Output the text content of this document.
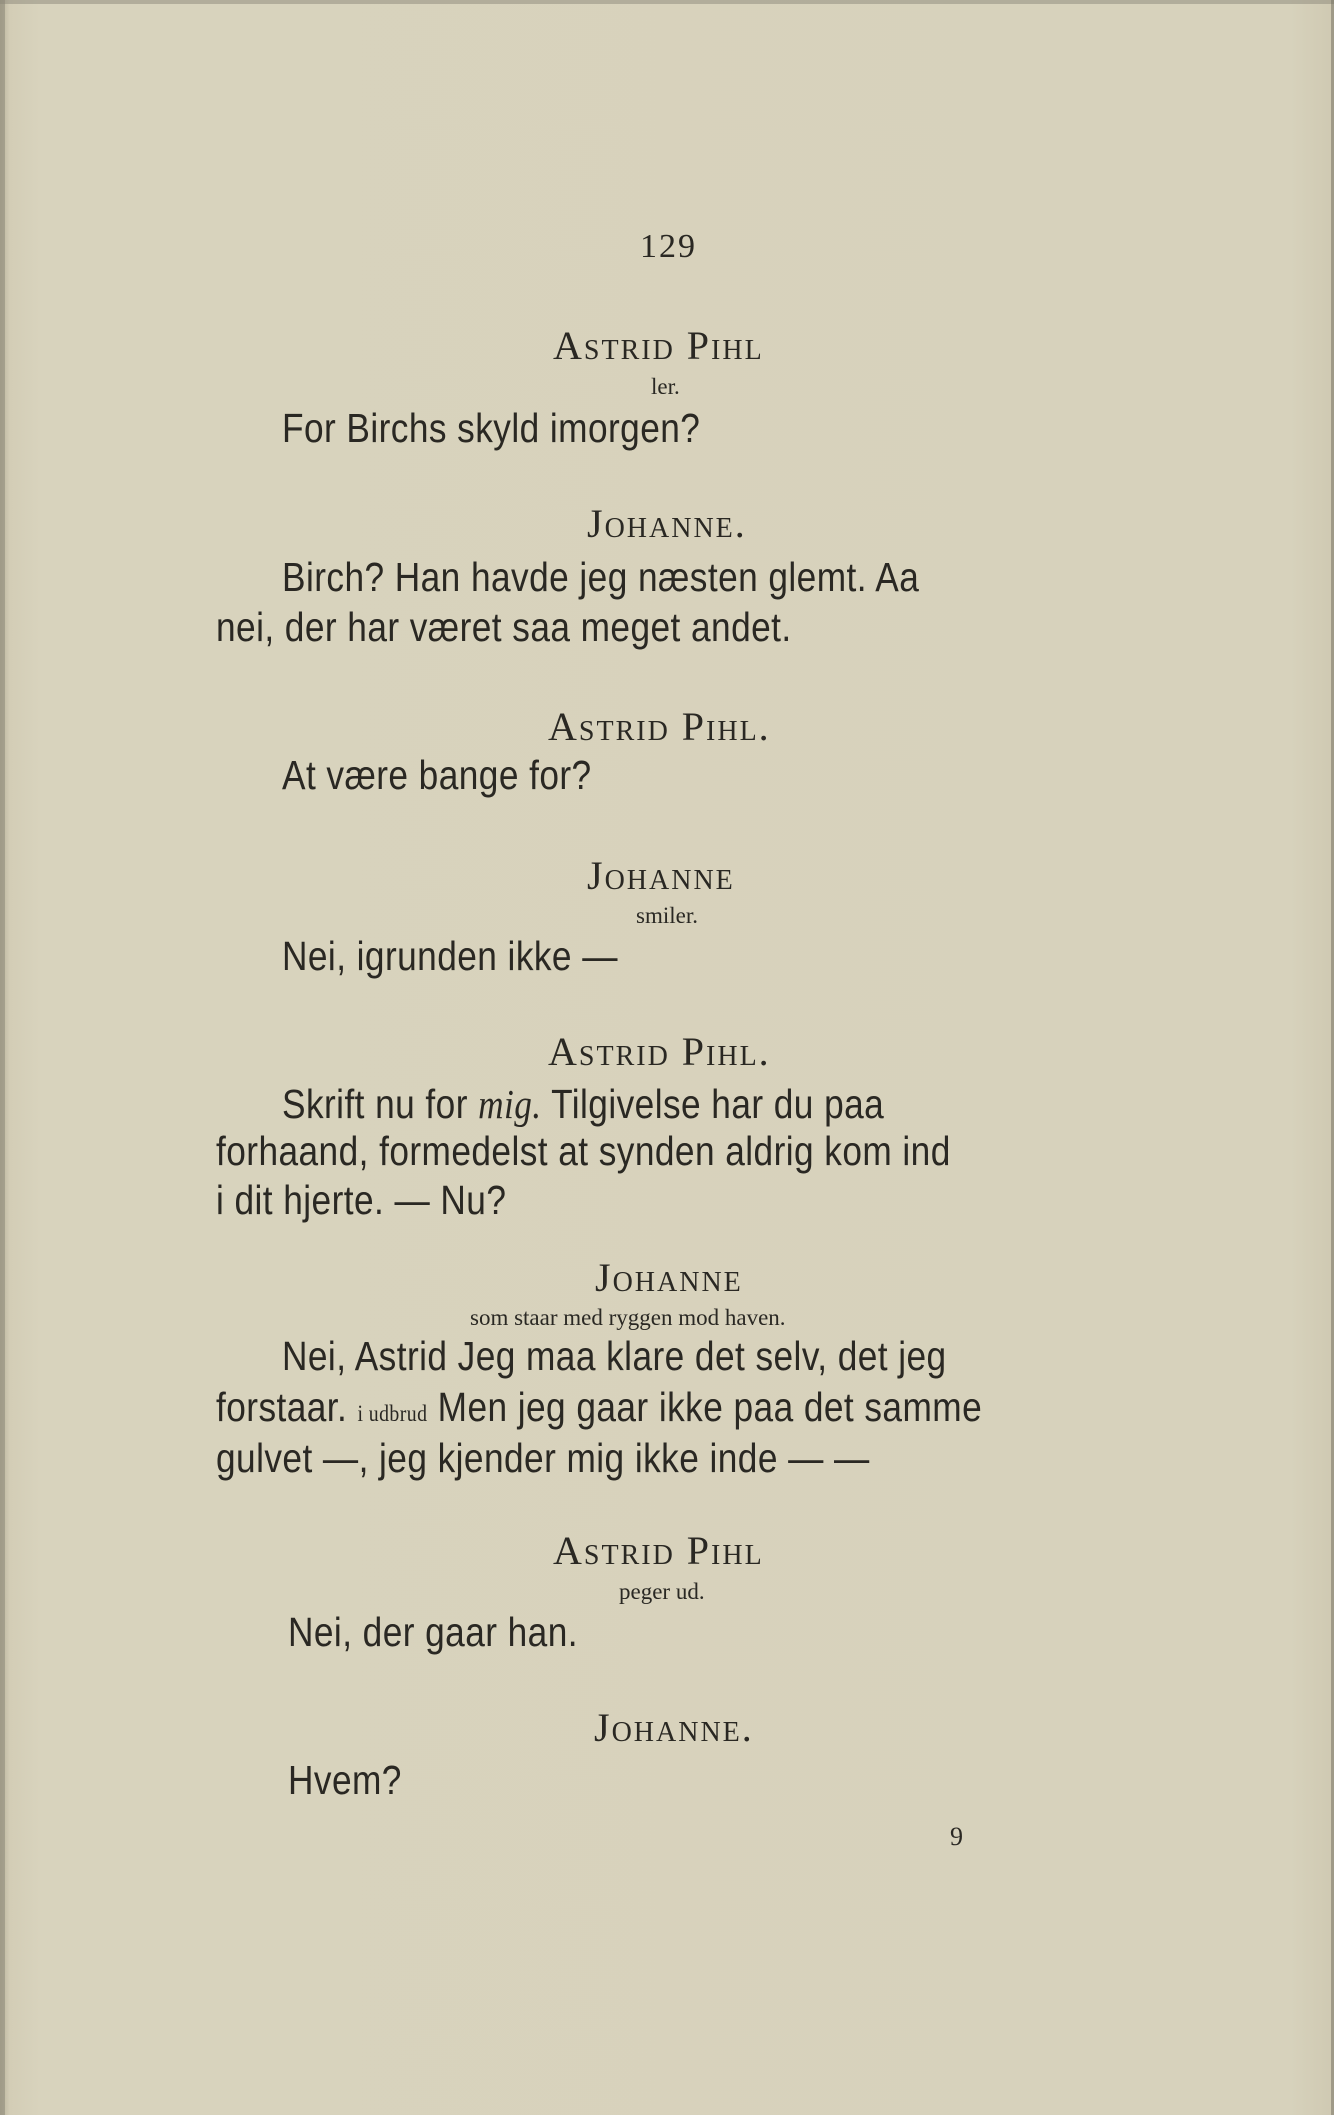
129
Astrid Pihl
ler.
For Birchs skyld imorgen?
Johanne.
Birch? Han havde jeg næsten glemt. Aa
nei, der har været saa meget andet.
Astrid Pihl.
At være bange for?
Johanne
smiler.
Nei, igrunden ikke —
Astrid Pihl.
Skrift nu for mig. Tilgivelse har du paa
forhaand, formedelst at synden aldrig kom ind
i dit hjerte. — Nu?
Johanne
som staar med ryggen mod haven.
Nei, Astrid Jeg maa klare det selv, det jeg
forstaar. i udbrud Men jeg gaar ikke paa det samme
gulvet —, jeg kjender mig ikke inde — —
Astrid Pihl
peger ud.
Nei, der gaar han.
Johanne.
Hvem?
9
